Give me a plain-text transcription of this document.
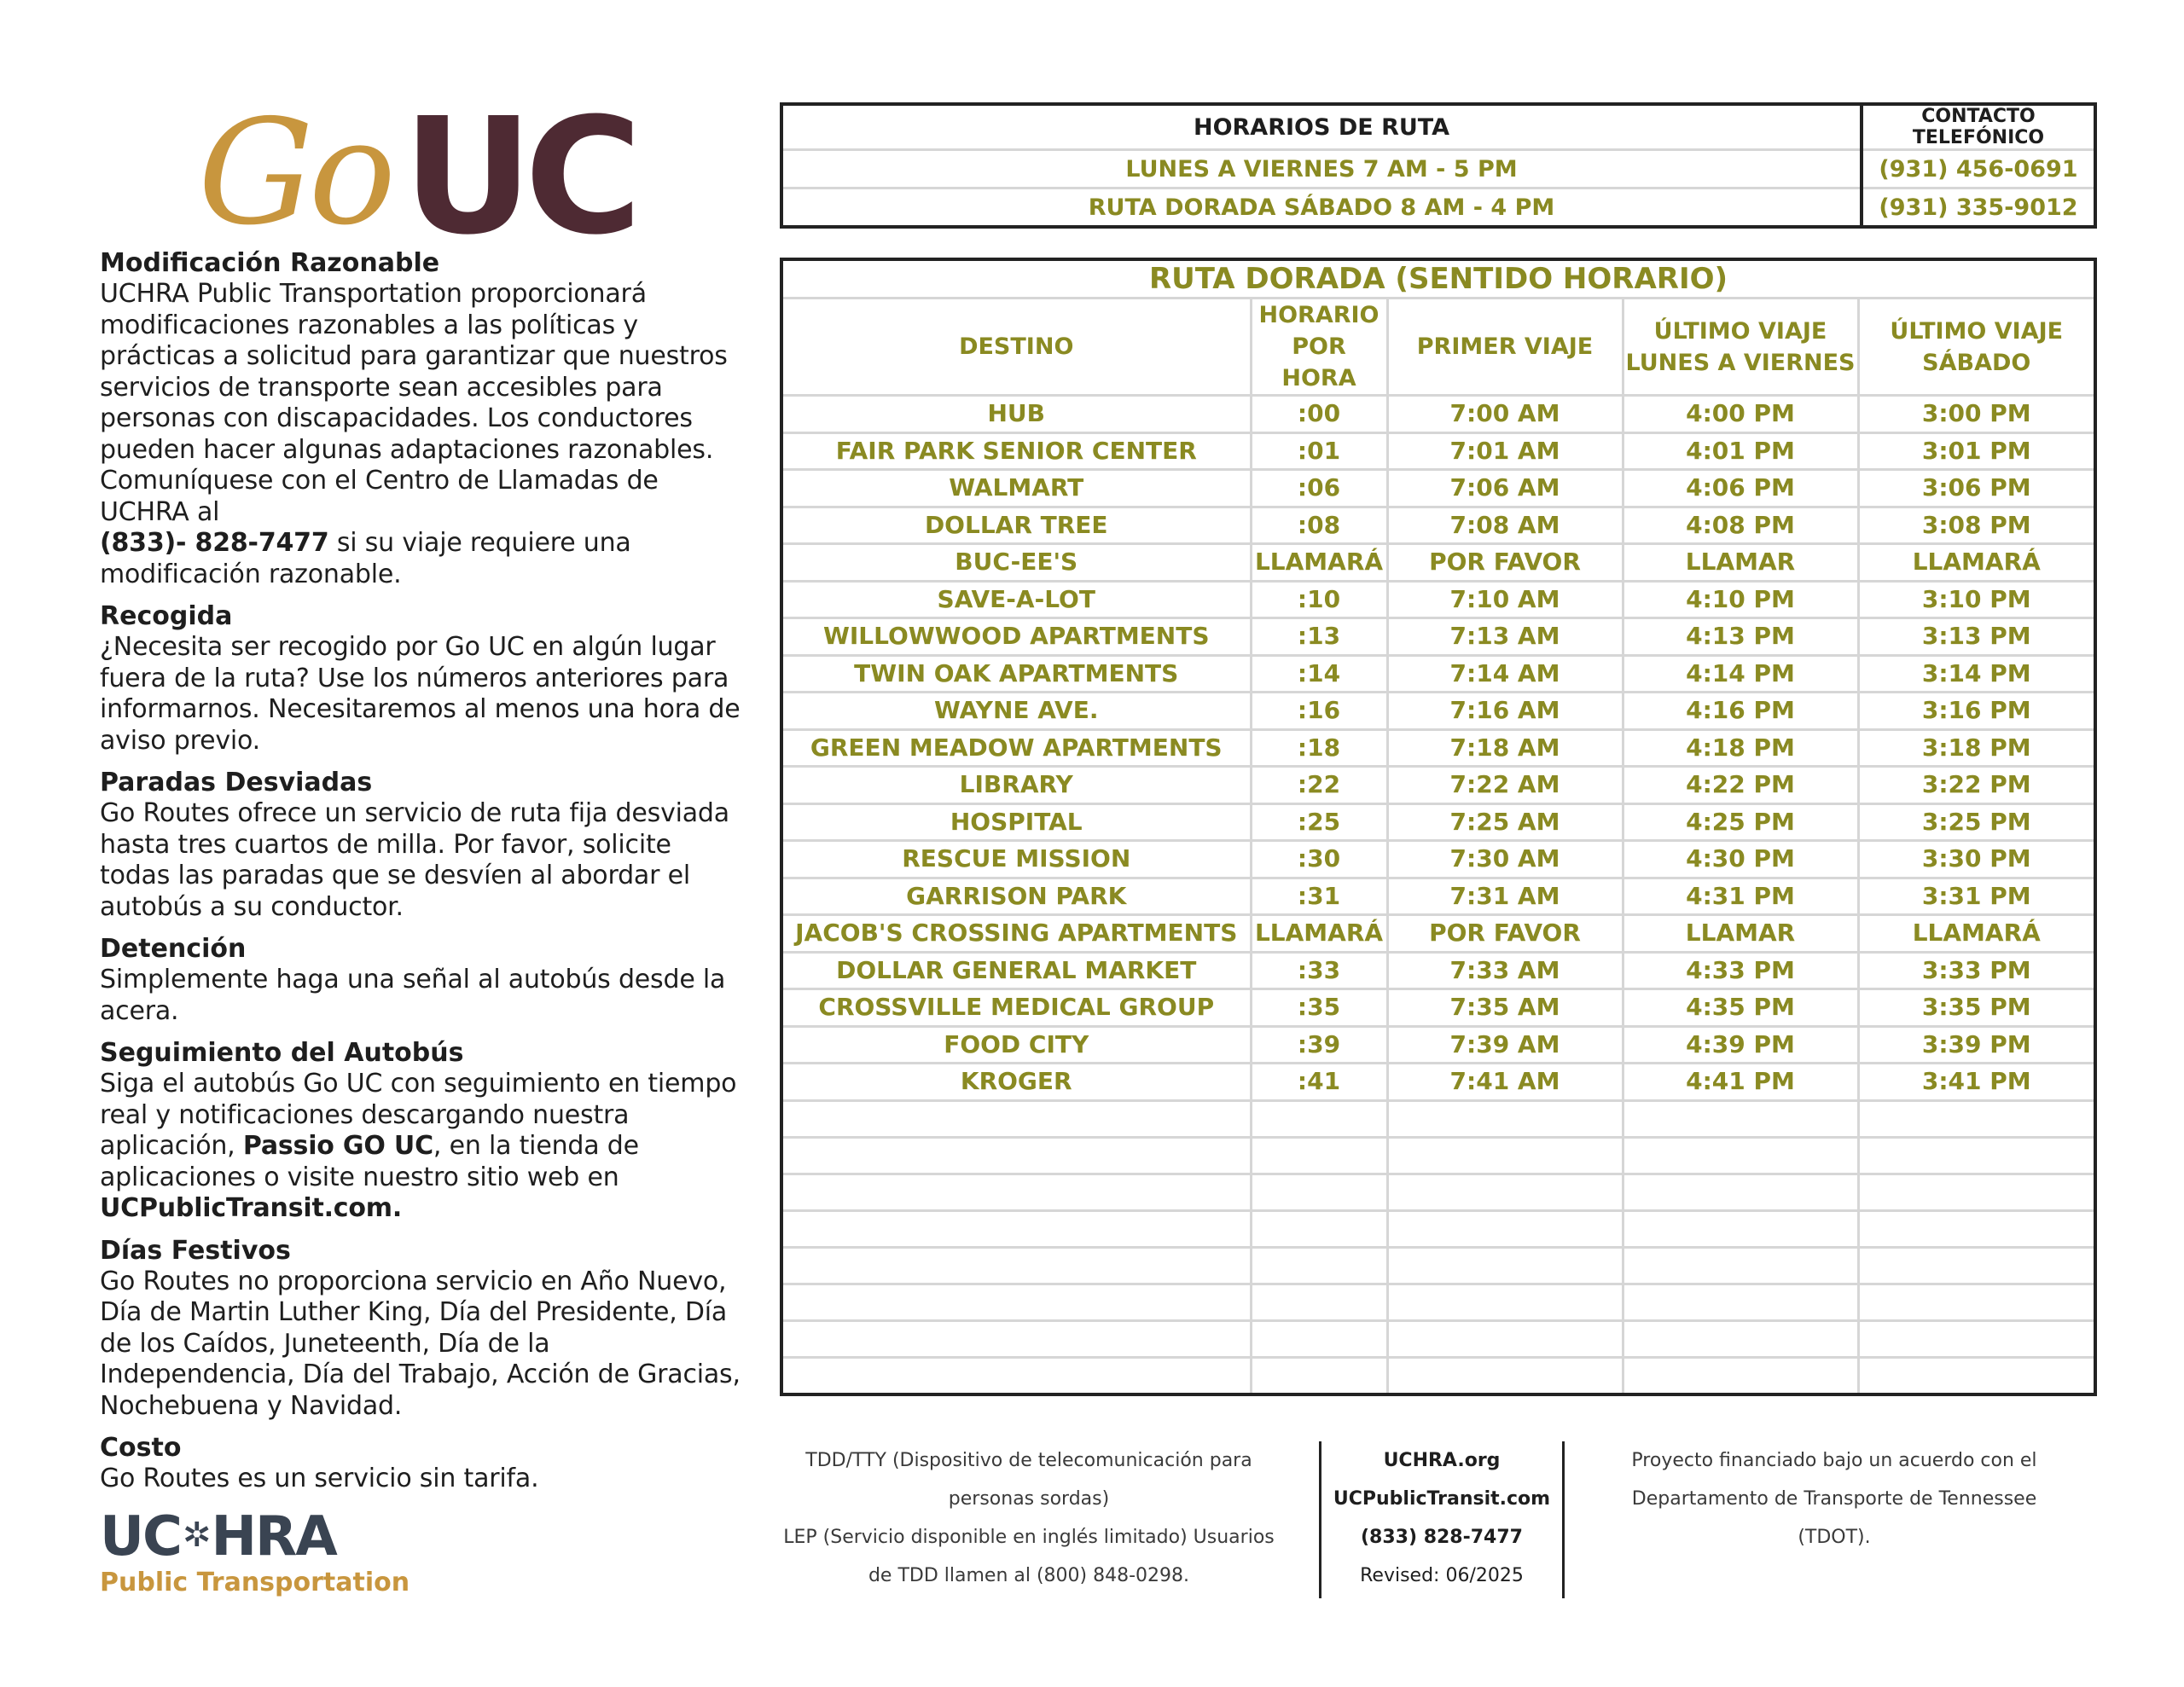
GoUC
Modificación Razonable

UCHRA Public Transportation proporcionará modificaciones razonables a las políticas y prácticas a solicitud para garantizar que nuestros servicios de transporte sean accesibles para personas con discapacidades. Los conductores pueden hacer algunas adaptaciones razonables. Comuníquese con el Centro de Llamadas de UCHRA al
(833)- 828-7477 si su viaje requiere una modificación razonable.

Recogida

¿Necesita ser recogido por Go UC en algún lugar fuera de la ruta? Use los números anteriores para informarnos. Necesitaremos al menos una hora de aviso previo.

Paradas Desviadas

Go Routes ofrece un servicio de ruta fija desviada hasta tres cuartos de milla. Por favor, solicite todas las paradas que se desvíen al abordar el autobús a su conductor.

Detención

Simplemente haga una señal al autobús desde la acera.

Seguimiento del Autobús

Siga el autobús Go UC con seguimiento en tiempo real y notificaciones descargando nuestra aplicación, Passio GO UC, en la tienda de aplicaciones o visite nuestro sitio web en UCPublicTransit.com.

Días Festivos

Go Routes no proporciona servicio en Año Nuevo, Día de Martin Luther King, Día del Presidente, Día de los Caídos, Juneteenth, Día de la Independencia, Día del Trabajo, Acción de Gracias, Nochebuena y Navidad.

Costo

Go Routes es un servicio sin tarifa.

UC✲HRA
Public Transportation
HORARIOS DE RUTA	CONTACTO TELEFÓNICO
LUNES A VIERNES 7 AM - 5 PM	(931) 456-0691
RUTA DORADA SÁBADO 8 AM - 4 PM	(931) 335-9012
RUTA DORADA (SENTIDO HORARIO)				
DESTINO	HORARIO POR HORA	PRIMER VIAJE	ÚLTIMO VIAJE LUNES A VIERNES	ÚLTIMO VIAJE SÁBADO
HUB	:00	7:00 AM	4:00 PM	3:00 PM
FAIR PARK SENIOR CENTER	:01	7:01 AM	4:01 PM	3:01 PM
WALMART	:06	7:06 AM	4:06 PM	3:06 PM
DOLLAR TREE	:08	7:08 AM	4:08 PM	3:08 PM
BUC-EE'S	LLAMARÁ	POR FAVOR	LLAMAR	LLAMARÁ
SAVE-A-LOT	:10	7:10 AM	4:10 PM	3:10 PM
WILLOWWOOD APARTMENTS	:13	7:13 AM	4:13 PM	3:13 PM
TWIN OAK APARTMENTS	:14	7:14 AM	4:14 PM	3:14 PM
WAYNE AVE.	:16	7:16 AM	4:16 PM	3:16 PM
GREEN MEADOW APARTMENTS	:18	7:18 AM	4:18 PM	3:18 PM
LIBRARY	:22	7:22 AM	4:22 PM	3:22 PM
HOSPITAL	:25	7:25 AM	4:25 PM	3:25 PM
RESCUE MISSION	:30	7:30 AM	4:30 PM	3:30 PM
GARRISON PARK	:31	7:31 AM	4:31 PM	3:31 PM
JACOB'S CROSSING APARTMENTS	LLAMARÁ	POR FAVOR	LLAMAR	LLAMARÁ
DOLLAR GENERAL MARKET	:33	7:33 AM	4:33 PM	3:33 PM
CROSSVILLE MEDICAL GROUP	:35	7:35 AM	4:35 PM	3:35 PM
FOOD CITY	:39	7:39 AM	4:39 PM	3:39 PM
KROGER	:41	7:41 AM	4:41 PM	3:41 PM

TDD/TTY (Dispositivo de telecomunicación para
personas sordas)
LEP (Servicio disponible en inglés limitado) Usuarios
de TDD llamen al (800) 848-0298.
UCHRA.org
UCPublicTransit.com
(833) 828-7477
Revised: 06/2025
Proyecto financiado bajo un acuerdo con el
Departamento de Transporte de Tennessee
(TDOT).
